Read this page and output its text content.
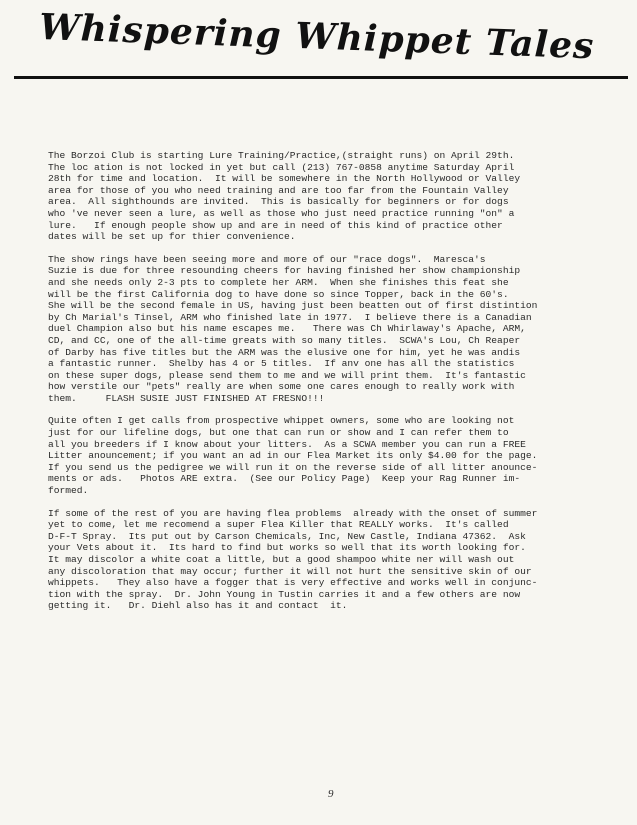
Whispering Whippet Tales
The Borzoi Club is starting Lure Training/Practice,(straight runs) on April 29th.
The loc ation is not locked in yet but call (213) 767-0858 anytime Saturday April
28th for time and location.  It will be somewhere in the North Hollywood or Valley
area for those of you who need training and are too far from the Fountain Valley
area.  All sighthounds are invited.  This is basically for beginners or for dogs
who 've never seen a lure, as well as those who just need practice running "on" a
lure.   If enough people show up and are in need of this kind of practice other
dates will be set up for thier convenience.
The show rings have been seeing more and more of our "race dogs".  Maresca's
Suzie is due for three resounding cheers for having finished her show championship
and she needs only 2-3 pts to complete her ARM.  When she finishes this feat she
will be the first California dog to have done so since Topper, back in the 60's.
She will be the second female in US, having just been beatten out of first distintion
by Ch Marial's Tinsel, ARM who finished late in 1977.  I believe there is a Canadian
duel Champion also but his name escapes me.   There was Ch Whirlaway's Apache, ARM,
CD, and CC, one of the all-time greats with so many titles.  SCWA's Lou, Ch Reaper
of Darby has five titles but the ARM was the elusive one for him, yet he was andis
a fantastic runner.  Shelby has 4 or 5 titles.  If anv one has all the statistics
on these super dogs, please send them to me and we will print them.  It's fantastic
how verstile our "pets" really are when some one cares enough to really work with
them.     FLASH SUSIE JUST FINISHED AT FRESNO!!!
Quite often I get calls from prospective whippet owners, some who are looking not
just for our lifeline dogs, but one that can run or show and I can refer them to
all you breeders if I know about your litters.  As a SCWA member you can run a FREE
Litter anouncement; if you want an ad in our Flea Market its only $4.00 for the page.
If you send us the pedigree we will run it on the reverse side of all litter anounce-
ments or ads.   Photos ARE extra.  (See our Policy Page)  Keep your Rag Runner im-
formed.
If some of the rest of you are having flea problems  already with the onset of summer
yet to come, let me recomend a super Flea Killer that REALLY works.  It's called
D-F-T Spray.  Its put out by Carson Chemicals, Inc, New Castle, Indiana 47362.  Ask
your Vets about it.  Its hard to find but works so well that its worth looking for.
It may discolor a white coat a little, but a good shampoo white ner will wash out
any discoloration that may occur; further it will not hurt the sensitive skin of our
whippets.   They also have a fogger that is very effective and works well in conjunc-
tion with the spray.  Dr. John Young in Tustin carries it and a few others are now
getting it.   Dr. Diehl also has it and contact  it.
9
